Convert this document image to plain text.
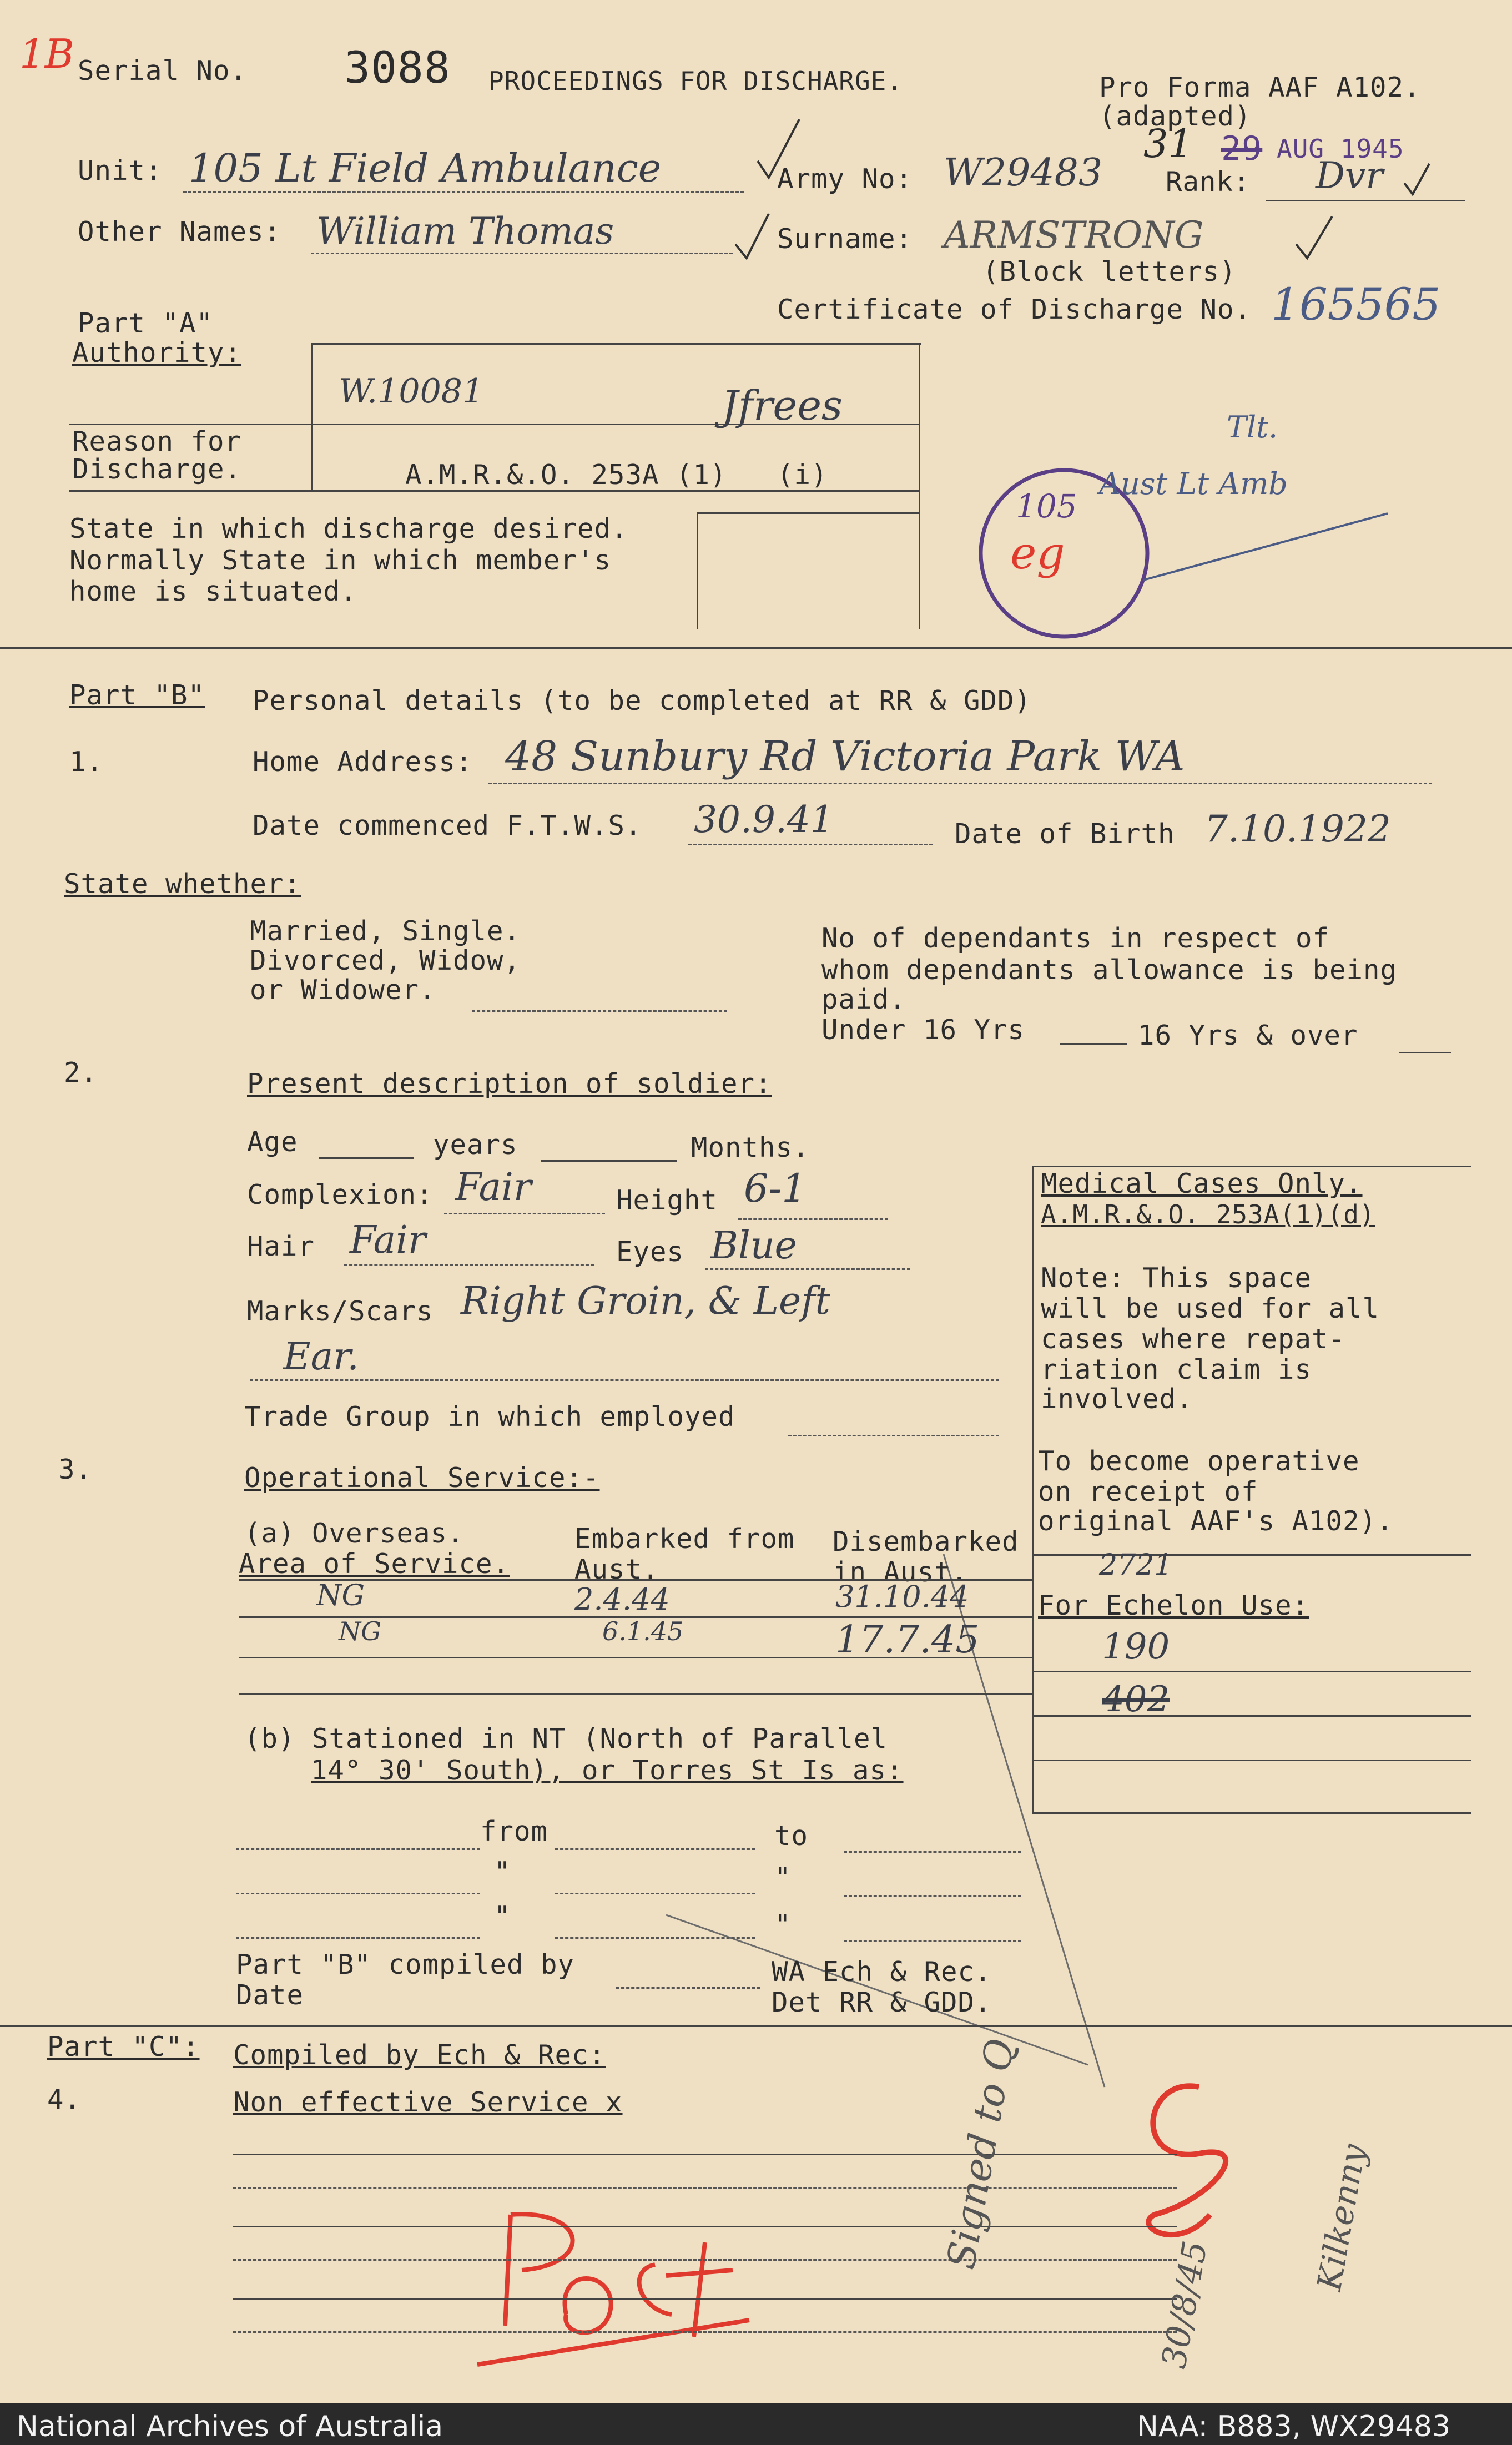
1B Serial No. 3088 PROCEEDINGS FOR DISCHARGE.	Pro Forma AAF A102.
(adapted)
31 29 AUG 1945
Unit: 105 Lt Field Ambulance	Army No: W29483 Rank: Dvr
Other Names: William Thomas	Surname: ARMSTRONG
(Block letters)
Certificate of Discharge No. 165565
Part "A"
Authority:
W.10081	Jfrees
Reason for
Discharge.	A.M.R.&.O. 253A (1) (i)
State in which discharge desired.
Normally State in which member's
home is situated.
Tlt.
Aust Lt Amb
105
eg
Part "B" Personal details (to be completed at RR & GDD)
1.	Home Address: 48 Sunbury Rd Victoria Park WA
Date commenced F.T.W.S. 30.9.41	Date of Birth 7.10.1922
State whether:
Married, Single.
Divorced, Widow,
or Widower.
No of dependants in respect of
whom dependants allowance is being
paid.
Under 16 Yrs	16 Yrs & over
2.	Present description of soldier:
Age	years	Months.
Complexion: Fair	Height 6-1
Hair Fair	Eyes Blue
Marks/Scars Right Groin, & Left
Ear.
Trade Group in which employed
3.	Operational Service:-
(a) Overseas.
Area of Service.
Embarked from
Aust.
Disembarked
in Aust.
NG	2.4.44	31.10.44
NG	6.1.45	17.7.45
(b) Stationed in NT (North of Parallel
14° 30' South), or Torres St Is as:
from	to
"	"
"	"
Part "B" compiled by
Date
WA Ech & Rec.
Det RR & GDD.
Medical Cases Only.
A.M.R.&.O. 253A(1)(d)
Note: This space
will be used for all
cases where repat-
riation claim is
involved.
To become operative
on receipt of
original AAF's A102).
2721
For Echelon Use:
190
402
Part "C": Compiled by Ech & Rec:
4.	Non effective Service x	Signed to Q	Kilkenny
30/8/45
National Archives of Australia	NAA: B883, WX29483
